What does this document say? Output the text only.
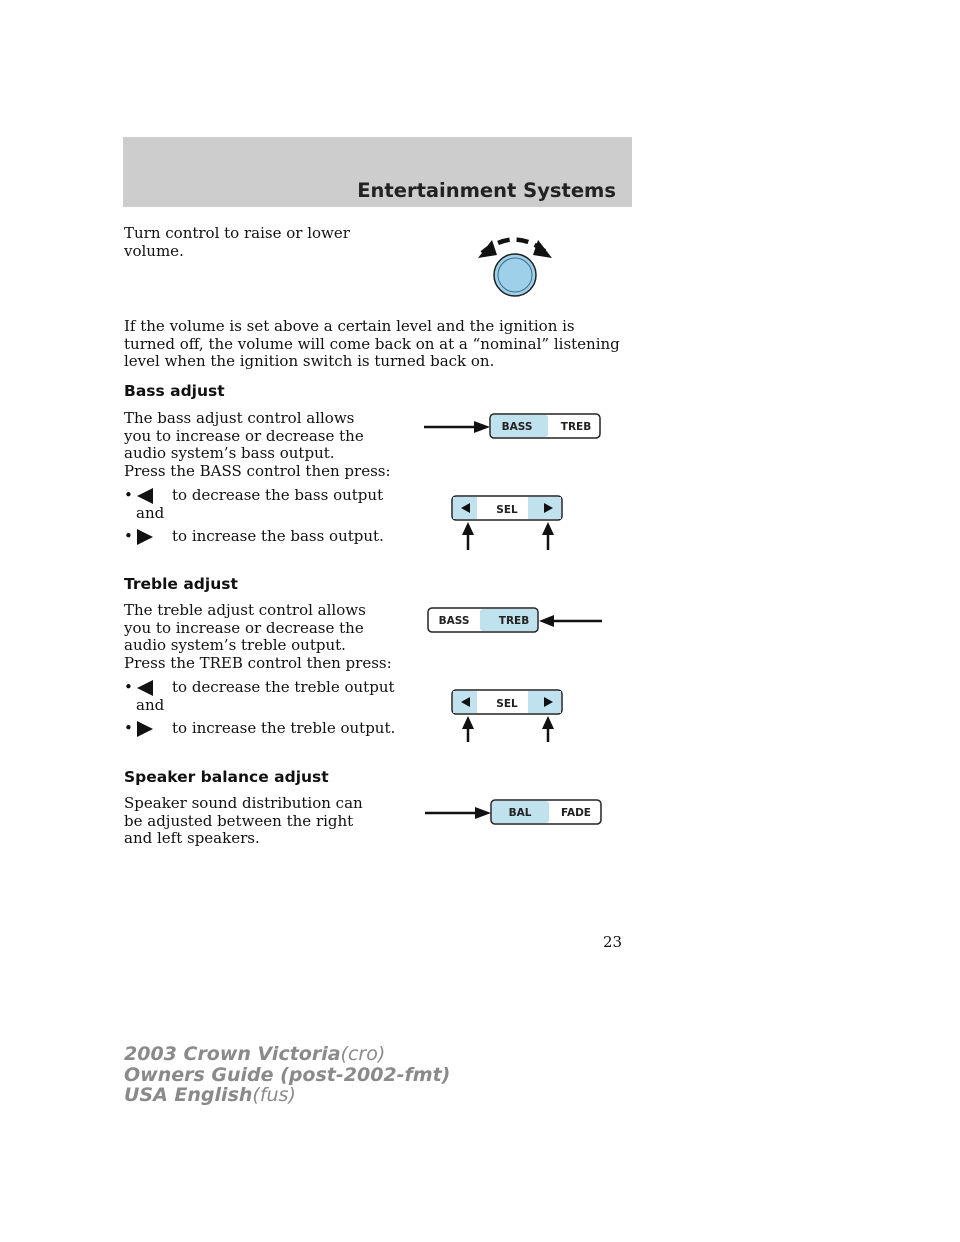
Entertainment Systems
Turn control to raise or lower volume.
If the volume is set above a certain level and the ignition is turned off, the volume will come back on at a “nominal” listening level when the ignition switch is turned back on.
Bass adjust
The bass adjust control allows you to increase or decrease the audio system’s bass output.
Press the BASS control then press:
•	to decrease the bass output
and
•	to increase the bass output.
Treble adjust
The treble adjust control allows you to increase or decrease the audio system’s treble output.
Press the TREB control then press:
•	to decrease the treble output
and
•	to increase the treble output.
Speaker balance adjust
Speaker sound distribution can be adjusted between the right and left speakers.
BASS	TREB
SEL
BASS	TREB
SEL
BAL	FADE
23
2003 Crown Victoria(cro)
Owners Guide (post-2002-fmt)
USA English(fus)
